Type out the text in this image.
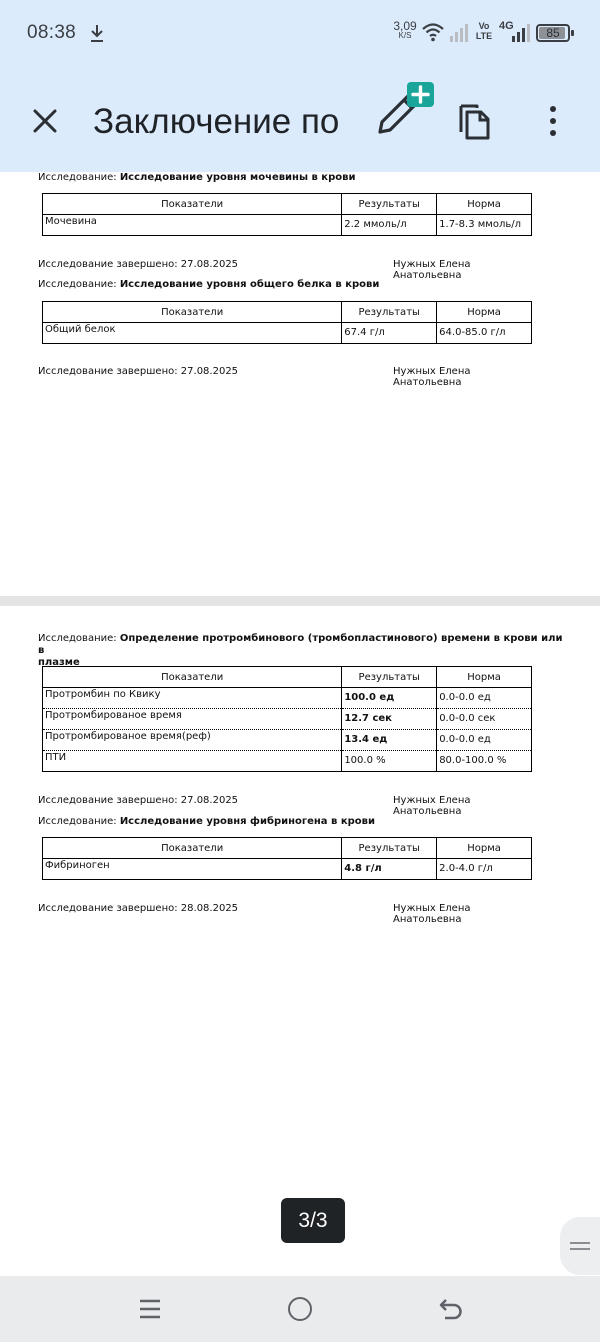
08:38	3,09
K/S
Vo
LTE
4G	85
Заключение по
Исследование: Исследование уровня мочевины в крови
Показатели	Результаты	Норма
Мочевина	2.2 ммоль/л	1.7-8.3 ммоль/л
Исследование завершено: 27.08.2025	Нужных Елена
Анатольевна
Исследование: Исследование уровня общего белка в крови
Показатели	Результаты	Норма
Общий белок	67.4 г/л	64.0-85.0 г/л
Исследование завершено: 27.08.2025	Нужных Елена
Анатольевна
Исследование: Определение протромбинового (тромбопластинового) времени в крови или в
плазме
Показатели	Результаты	Норма
Протромбин по Квику	100.0 ед	0.0-0.0 ед
Протромбированое время	12.7 сек	0.0-0.0 сек
Протромбированое время(реф)	13.4 ед	0.0-0.0 ед
ПТИ	100.0 %	80.0-100.0 %
Исследование завершено: 27.08.2025	Нужных Елена
Анатольевна
Исследование: Исследование уровня фибриногена в крови
Показатели	Результаты	Норма
Фибриноген	4.8 г/л	2.0-4.0 г/л
Исследование завершено: 28.08.2025	Нужных Елена
Анатольевна
3/3
